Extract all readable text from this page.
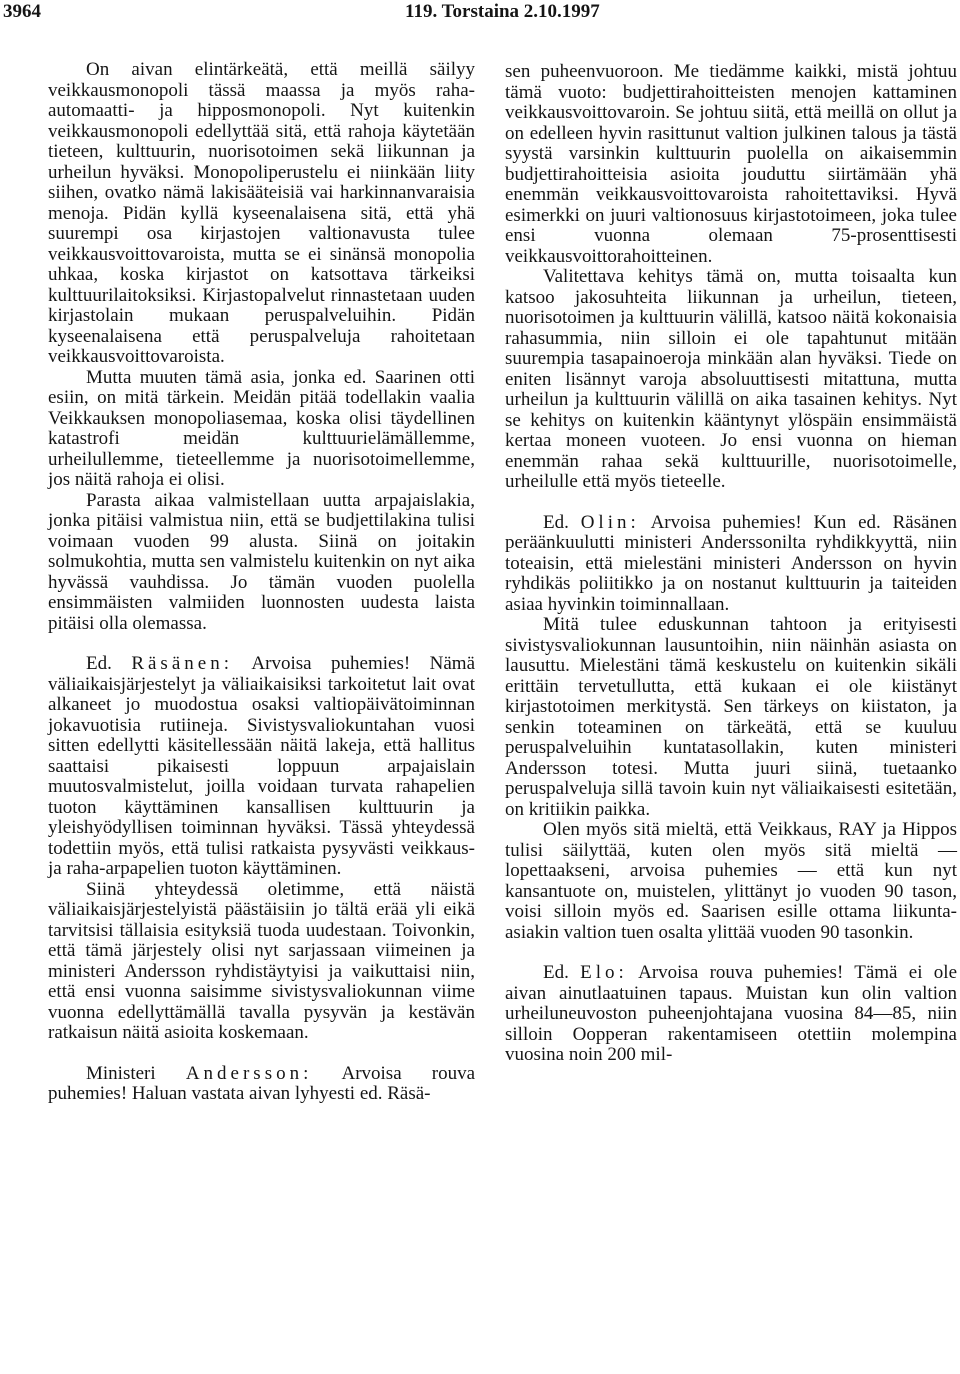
3964	119. Torstaina 2.10.1997

On aivan elintärkeätä, että meillä säilyy veikkausmonopoli tässä maassa ja myös raha-automaatti- ja hipposmonopoli. Nyt kuitenkin veikkausmonopoli edellyttää sitä, että rahoja käytetään tieteen, kulttuurin, nuorisotoimen sekä liikunnan ja urheilun hyväksi. Monopoliperustelu ei niinkään liity siihen, ovatko nämä lakisääteisiä vai harkinnanvaraisia menoja. Pidän kyllä kyseenalaisena sitä, että yhä suurempi osa kirjastojen valtionavusta tulee veikkausvoittovaroista, mutta se ei sinänsä monopolia uhkaa, koska kirjastot on katsottava tärkeiksi kulttuurilaitoksiksi. Kirjastopalvelut rinnastetaan uuden kirjastolain mukaan peruspalveluihin. Pidän kyseenalaisena että peruspalveluja rahoitetaan veikkausvoittovaroista.

Mutta muuten tämä asia, jonka ed. Saarinen otti esiin, on mitä tärkein. Meidän pitää todellakin vaalia Veikkauksen monopoliasemaa, koska olisi täydellinen katastrofi meidän kulttuurielämällemme, urheilullemme, tieteellemme ja nuorisotoimellemme, jos näitä rahoja ei olisi.

Parasta aikaa valmistellaan uutta arpajaislakia, jonka pitäisi valmistua niin, että se budjettilakina tulisi voimaan vuoden 99 alusta. Siinä on joitakin solmukohtia, mutta sen valmistelu kuitenkin on nyt aika hyvässä vauhdissa. Jo tämän vuoden puolella ensimmäisten valmiiden luonnosten uudesta laista pitäisi olla olemassa.

Ed. Räsänen: Arvoisa puhemies! Nämä väliaikaisjärjestelyt ja väliaikaisiksi tarkoitetut lait ovat alkaneet jo muodostua osaksi valtiopäivätoiminnan jokavuotisia rutiineja. Sivistysvaliokuntahan vuosi sitten edellytti käsitellessään näitä lakeja, että hallitus saattaisi pikaisesti loppuun arpajaislain muutosvalmistelut, joilla voidaan turvata rahapelien tuoton käyttäminen kansallisen kulttuurin ja yleishyödyllisen toiminnan hyväksi. Tässä yhteydessä todettiin myös, että tulisi ratkaista pysyvästi veikkaus- ja raha-arpapelien tuoton käyttäminen.

Siinä yhteydessä oletimme, että näistä väliaikaisjärjestelyistä päästäisiin jo tältä erää yli eikä tarvitsisi tällaisia esityksiä tuoda uudestaan. Toivonkin, että tämä järjestely olisi nyt sarjassaan viimeinen ja ministeri Andersson ryhdistäytyisi ja vaikuttaisi niin, että ensi vuonna saisimme sivistysvaliokunnan viime vuonna edellyttämällä tavalla pysyvän ja kestävän ratkaisun näitä asioita koskemaan.

Ministeri Andersson: Arvoisa rouva puhemies! Haluan vastata aivan lyhyesti ed. Räsä-

sen puheenvuoroon. Me tiedämme kaikki, mistä johtuu tämä vuoto: budjettirahoitteisten menojen kattaminen veikkausvoittovaroin. Se johtuu siitä, että meillä on ollut ja on edelleen hyvin rasittunut valtion julkinen talous ja tästä syystä varsinkin kulttuurin puolella on aikaisemmin budjettirahoitteisia asioita jouduttu siirtämään yhä enemmän veikkausvoittovaroista rahoitettaviksi. Hyvä esimerkki on juuri valtionosuus kirjastotoimeen, joka tulee ensi vuonna olemaan 75-prosenttisesti veikkausvoittorahoitteinen.

Valitettava kehitys tämä on, mutta toisaalta kun katsoo jakosuhteita liikunnan ja urheilun, tieteen, nuorisotoimen ja kulttuurin välillä, katsoo näitä kokonaisia rahasummia, niin silloin ei ole tapahtunut mitään suurempia tasapainoeroja minkään alan hyväksi. Tiede on eniten lisännyt varoja absoluuttisesti mitattuna, mutta urheilun ja kulttuurin välillä on aika tasainen kehitys. Nyt se kehitys on kuitenkin kääntynyt ylöspäin ensimmäistä kertaa moneen vuoteen. Jo ensi vuonna on hieman enemmän rahaa sekä kulttuurille, nuorisotoimelle, urheilulle että myös tieteelle.

Ed. Olin: Arvoisa puhemies! Kun ed. Räsänen peräänkuulutti ministeri Anderssonilta ryhdikkyyttä, niin toteaisin, että mielestäni ministeri Andersson on hyvin ryhdikäs poliitikko ja on nostanut kulttuurin ja taiteiden asiaa hyvinkin toiminnallaan.

Mitä tulee eduskunnan tahtoon ja erityisesti sivistysvaliokunnan lausuntoihin, niin näinhän asiasta on lausuttu. Mielestäni tämä keskustelu on kuitenkin sikäli erittäin tervetullutta, että kukaan ei ole kiistänyt kirjastotoimen merkitystä. Sen tärkeys on kiistaton, ja senkin toteaminen on tärkeätä, että se kuuluu peruspalveluihin kuntatasollakin, kuten ministeri Andersson totesi. Mutta juuri siinä, tuetaanko peruspalveluja sillä tavoin kuin nyt väliaikaisesti esitetään, on kritiikin paikka.

Olen myös sitä mieltä, että Veikkaus, RAY ja Hippos tulisi säilyttää, kuten olen myös sitä mieltä — lopettaakseni, arvoisa puhemies — että kun nyt kansantuote on, muistelen, ylittänyt jo vuoden 90 tason, voisi silloin myös ed. Saarisen esille ottama liikunta-asiakin valtion tuen osalta ylittää vuoden 90 tasonkin.

Ed. Elo: Arvoisa rouva puhemies! Tämä ei ole aivan ainutlaatuinen tapaus. Muistan kun olin valtion urheiluneuvoston puheenjohtajana vuosina 84—85, niin silloin Oopperan rakentamiseen otettiin molempina vuosina noin 200 mil-
